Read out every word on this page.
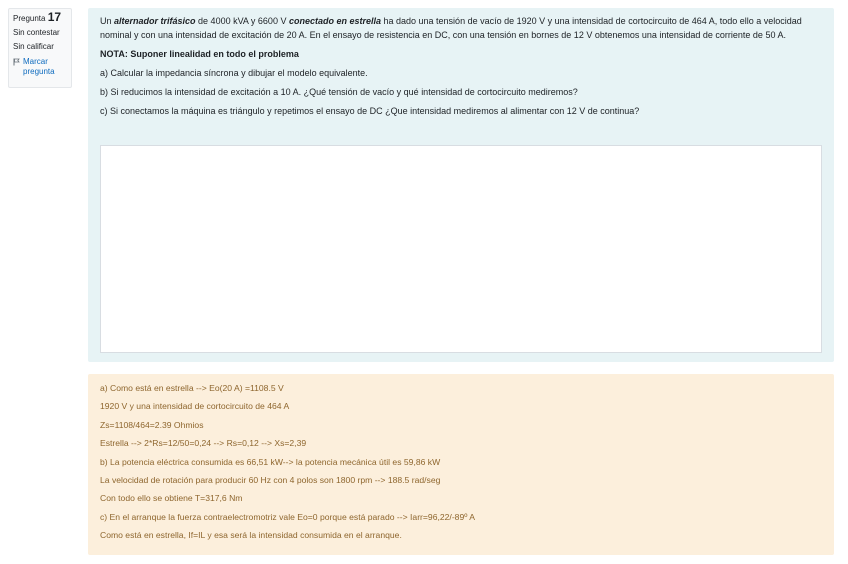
Pregunta 17
Sin contestar
Sin calificar
Marcar pregunta

Un alternador trifásico de 4000 kVA y 6600 V conectado en estrella ha dado una tensión de vacío de 1920 V y una intensidad de cortocircuito de 464 A, todo ello a velocidad nominal y con una intensidad de excitación de 20 A. En el ensayo de resistencia en DC, con una tensión en bornes de 12 V obtenemos una intensidad de corriente de 50 A.

NOTA: Suponer linealidad en todo el problema

a) Calcular la impedancia síncrona y dibujar el modelo equivalente.

b) Si reducimos la intensidad de excitación a 10 A. ¿Qué tensión de vacío y qué intensidad de cortocircuito mediremos?

c) Si conectamos la máquina es triángulo y repetimos el ensayo de DC ¿Que intensidad mediremos al alimentar con 12 V de continua?

a) Como está en estrella --> Eo(20 A) =1108.5 V

1920 V y una intensidad de cortocircuito de 464 A

Zs=1108/464=2.39 Ohmios

Estrella --> 2*Rs=12/50=0,24 --> Rs=0,12 --> Xs=2,39

b) La potencia eléctrica consumida es 66,51 kW--> la potencia mecánica útil es 59,86 kW

La velocidad de rotación para producir 60 Hz con 4 polos son 1800 rpm --> 188.5 rad/seg

Con todo ello se obtiene T=317,6 Nm

c) En el arranque la fuerza contraelectromotriz vale Eo=0 porque está parado --> Iarr=96,22/-89º A

Como está en estrella, If=IL y esa será la intensidad consumida en el arranque.
